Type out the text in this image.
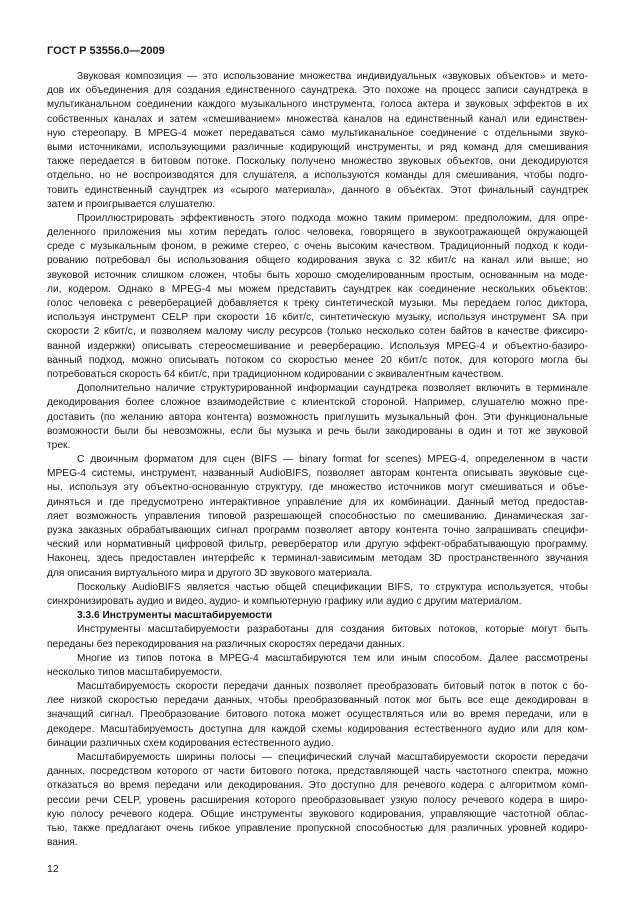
ГОСТ Р 53556.0—2009
Звуковая композиция — это использование множества индивидуальных «звуковых объектов» и мето-
дов их объединения для создания единственного саундтрека. Это похоже на процесс записи саундтрека в
мультиканальном соединении каждого музыкального инструмента, голоса актера и звуковых эффектов в их
собственных каналах и затем «смешиванием» множества каналов на единственный канал или единствен-
ную стереопару. В MPEG-4 может передаваться само мультиканальное соединение с отдельными звуко-
выми источниками, использующими различные кодирующий инструменты, и ряд команд для смешивания
также передается в битовом потоке. Поскольку получено множество звуковых объектов, они декодируются
отдельно, но не воспроизводятся для слушателя, а используются команды для смешивания, чтобы подго-
товить единственный саундтрек из «сырого материала», данного в объектах. Этот финальный саундтрек
затем и проигрывается слушателю.
Проиллюстрировать эффективность этого подхода можно таким примером: предположим, для опре-
деленного приложения мы хотим передать голос человека, говорящего в звукоотражающей окружающей
среде с музыкальным фоном, в режиме стерео, с очень высоким качеством. Традиционный подход к коди-
рованию потребовал бы использования общего кодирования звука с 32 кбит/с на канал или выше; но
звуковой источник слишком сложен, чтобы быть хорошо смоделированным простым, основанным на моде-
ли, кодером. Однако в MPEG-4 мы можем представить саундтрек как соединение нескольких объектов:
голос человека с реверберацией добавляется к треку синтетической музыки. Мы передаем голос диктора,
используя инструмент CELP при скорости 16 кбит/с, синтетическую музыку, используя инструмент SA при
скорости 2 кбит/с, и позволяем малому числу ресурсов (только несколько сотен байтов в качестве фиксиро-
ванной издержки) описывать стереосмешивание и реверберацию. Используя MPEG-4 и объектно-базиро-
ванный подход, можно описывать потоком со скоростью менее 20 кбит/с поток, для которого могла бы
потребоваться скорость 64 кбит/с, при традиционном кодировании с эквивалентным качеством.
Дополнительно наличие структурированной информации саундтрека позволяет включить в терминале
декодирования более сложное взаимодействие с клиентской стороной. Например, слушателю можно пре-
доставить (по желанию автора контента) возможность приглушить музыкальный фон. Эти функциональные
возможности были бы невозможны, если бы музыка и речь были закодированы в один и тот же звуковой
трек.
С двоичным форматом для сцен (BIFS — binary format for scenes) MPEG-4, определенном в части
MPEG-4 системы, инструмент, названный AudioBIFS, позволяет авторам контента описывать звуковые сце-
ны, используя эту объектно-основанную структуру, где множество источников могут смешиваться и объе-
диняться и где предусмотрено интерактивное управление для их комбинации. Данный метод предостав-
ляет возможность управления типовой разрешающей способностью по смешиванию. Динамическая заг-
рузка заказных обрабатывающих сигнал программ позволяет автору контента точно запрашивать специфи-
ческий или нормативный цифровой фильтр, ревербератор или другую эффект-обрабатывающую программу.
Наконец, здесь предоставлен интерфейс к терминал-зависимым методам 3D пространственного звучания
для описания виртуального мира и другого 3D звукового материала.
Поскольку AudioBIFS является частью общей спецификации BIFS, то структура используется, чтобы
синхронизировать аудио и видео, аудио- и компьютерную графику или аудио с другим материалом.
3.3.6 Инструменты масштабируемости
Инструменты масштабируемости разработаны для создания битовых потоков, которые могут быть
переданы без перекодирования на различных скоростях передачи данных.
Многие из типов потока в MPEG-4 масштабируются тем или иным способом. Далее рассмотрены
несколько типов масштабируемости.
Масштабируемость скорости передачи данных позволяет преобразовать битовый поток в поток с бо-
лее низкой скоростью передачи данных, чтобы преобразованный поток мог быть все еще декодирован в
значащий сигнал. Преобразование битового потока может осуществляться или во время передачи, или в
декодере. Масштабируемость доступна для каждой схемы кодирования естественного аудио или для ком-
бинации различных схем кодирования естественного аудио.
Масштабируемость ширины полосы — специфический случай масштабируемости скорости передачи
данных, посредством которого от части битового потока, представляющей часть частотного спектра, можно
отказаться во время передачи или декодирования. Это доступно для речевого кодера с алгоритмом комп-
рессии речи CELP, уровень расширения которого преобразовывает узкую полосу речевого кодера в широ-
кую полосу речевого кодера. Общие инструменты звукового кодирования, управляющие частотной облас-
тью, также предлагают очень гибкое управление пропускной способностью для различных уровней кодиро-
вания.
12
